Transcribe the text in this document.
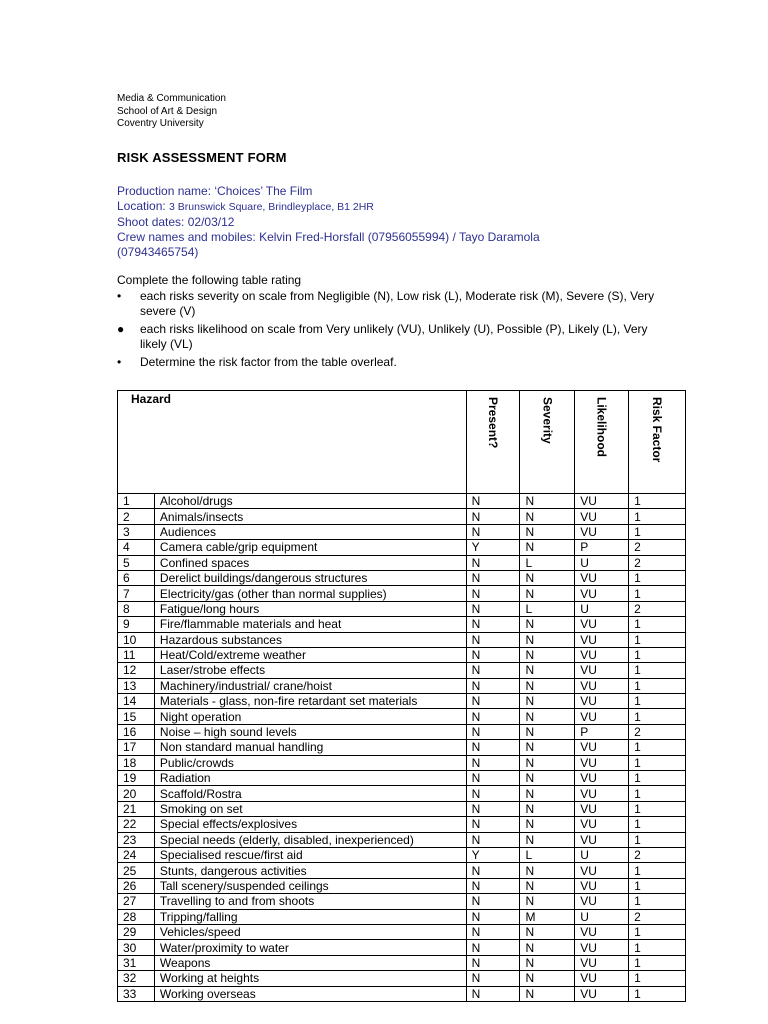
Media & Communication
School of Art & Design
Coventry University
RISK ASSESSMENT FORM
Production name: ‘Choices’ The Film
Location: 3 Brunswick Square, Brindleyplace, B1 2HR
Shoot dates: 02/03/12
Crew names and mobiles: Kelvin Fred-Horsfall (07956055994) / Tayo Daramola
(07943465754)
Complete the following table rating
• each risks severity on scale from Negligible (N), Low risk (L), Moderate risk (M), Severe (S), Very severe (V)
● each risks likelihood on scale from Very unlikely (VU), Unlikely (U), Possible (P), Likely (L), Very likely (VL)
• Determine the risk factor from the table overleaf.
Hazard		Present?	Severity	Likelihood	Risk Factor

1	Alcohol/drugs	N	N	VU	1
2	Animals/insects	N	N	VU	1
3	Audiences	N	N	VU	1
4	Camera cable/grip equipment	Y	N	P	2
5	Confined spaces	N	L	U	2
6	Derelict buildings/dangerous structures	N	N	VU	1
7	Electricity/gas (other than normal supplies)	N	N	VU	1
8	Fatigue/long hours	N	L	U	2
9	Fire/flammable materials and heat	N	N	VU	1
10	Hazardous substances	N	N	VU	1
11	Heat/Cold/extreme weather	N	N	VU	1
12	Laser/strobe effects	N	N	VU	1
13	Machinery/industrial/ crane/hoist	N	N	VU	1
14	Materials - glass, non-fire retardant set materials	N	N	VU	1
15	Night operation	N	N	VU	1
16	Noise – high sound levels	N	N	P	2
17	Non standard manual handling	N	N	VU	1
18	Public/crowds	N	N	VU	1
19	Radiation	N	N	VU	1
20	Scaffold/Rostra	N	N	VU	1
21	Smoking on set	N	N	VU	1
22	Special effects/explosives	N	N	VU	1
23	Special needs (elderly, disabled, inexperienced)	N	N	VU	1
24	Specialised rescue/first aid	Y	L	U	2
25	Stunts, dangerous activities	N	N	VU	1
26	Tall scenery/suspended ceilings	N	N	VU	1
27	Travelling to and from shoots	N	N	VU	1
28	Tripping/falling	N	M	U	2
29	Vehicles/speed	N	N	VU	1
30	Water/proximity to water	N	N	VU	1
31	Weapons	N	N	VU	1
32	Working at heights	N	N	VU	1
33	Working overseas	N	N	VU	1
